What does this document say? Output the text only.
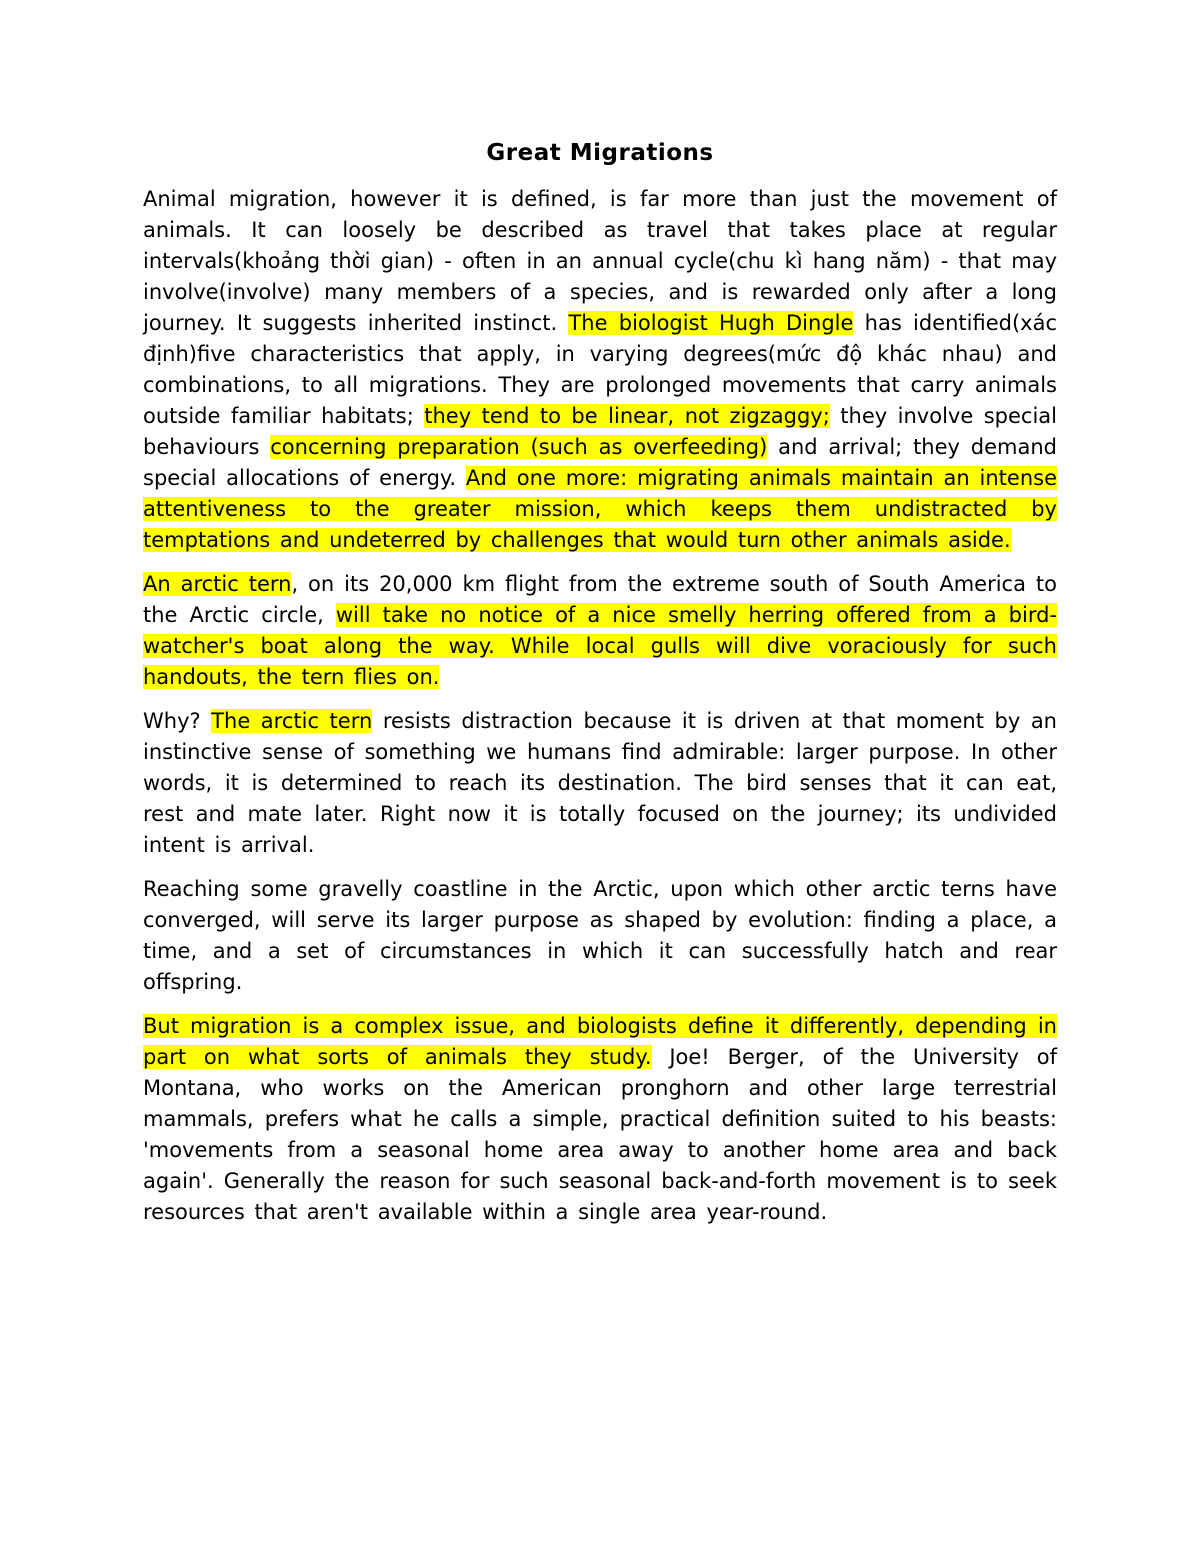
Great Migrations

Animal migration, however it is defined, is far more than just the movement of animals. It can loosely be described as travel that takes place at regular intervals(khoảng thời gian) - often in an annual cycle(chu kì hang năm) - that may involve(involve) many members of a species, and is rewarded only after a long journey. It suggests inherited instinct. The biologist Hugh Dingle has identified(xác định)five characteristics that apply, in varying degrees(mức độ khác nhau) and combinations, to all migrations. They are prolonged movements that carry animals outside familiar habitats; they tend to be linear, not zigzaggy; they involve special behaviours concerning preparation (such as overfeeding) and arrival; they demand special allocations of energy. And one more: migrating animals maintain an intense attentiveness to the greater mission, which keeps them undistracted by temptations and undeterred by challenges that would turn other animals aside.

An arctic tern, on its 20,000 km flight from the extreme south of South America to the Arctic circle, will take no notice of a nice smelly herring offered from a bird-watcher's boat along the way. While local gulls will dive voraciously for such handouts, the tern flies on.

Why? The arctic tern resists distraction because it is driven at that moment by an instinctive sense of something we humans find admirable: larger purpose. In other words, it is determined to reach its destination. The bird senses that it can eat, rest and mate later. Right now it is totally focused on the journey; its undivided intent is arrival.

Reaching some gravelly coastline in the Arctic, upon which other arctic terns have converged, will serve its larger purpose as shaped by evolution: finding a place, a time, and a set of circumstances in which it can successfully hatch and rear offspring.

But migration is a complex issue, and biologists define it differently, depending in part on what sorts of animals they study. Joe! Berger, of the University of Montana, who works on the American pronghorn and other large terrestrial mammals, prefers what he calls a simple, practical definition suited to his beasts: 'movements from a seasonal home area away to another home area and back again'. Generally the reason for such seasonal back-and-forth movement is to seek resources that aren't available within a single area year-round.
